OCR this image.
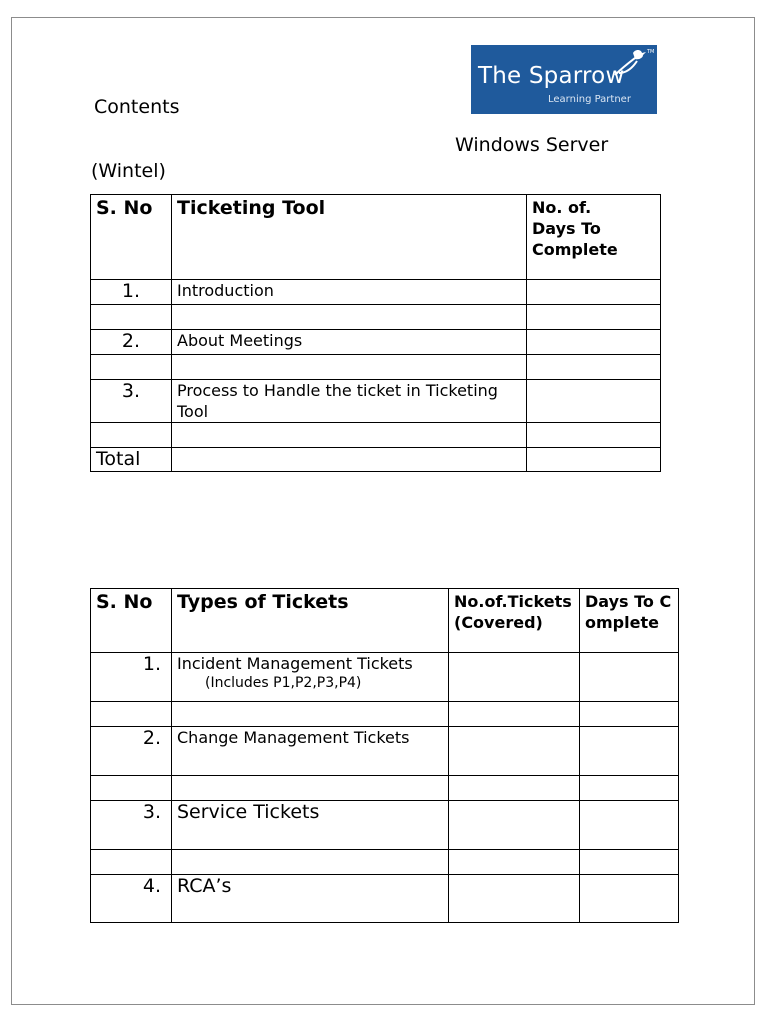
The Sparrow
Learning Partner
TM
Contents
Windows Server
(Wintel)
S. No	Ticketing Tool	No. of. Days To Complete
1.	Introduction	

2.	About Meetings	

3.	Process to Handle the ticket in Ticketing Tool	

Total		
S. No	Types of Tickets	No.of.Tickets (Covered)	Days To Complete
1.	Incident Management Tickets
(Includes P1,P2,P3,P4)		

2.	Change Management Tickets		

3.	Service Tickets		

4.	RCA’s		
